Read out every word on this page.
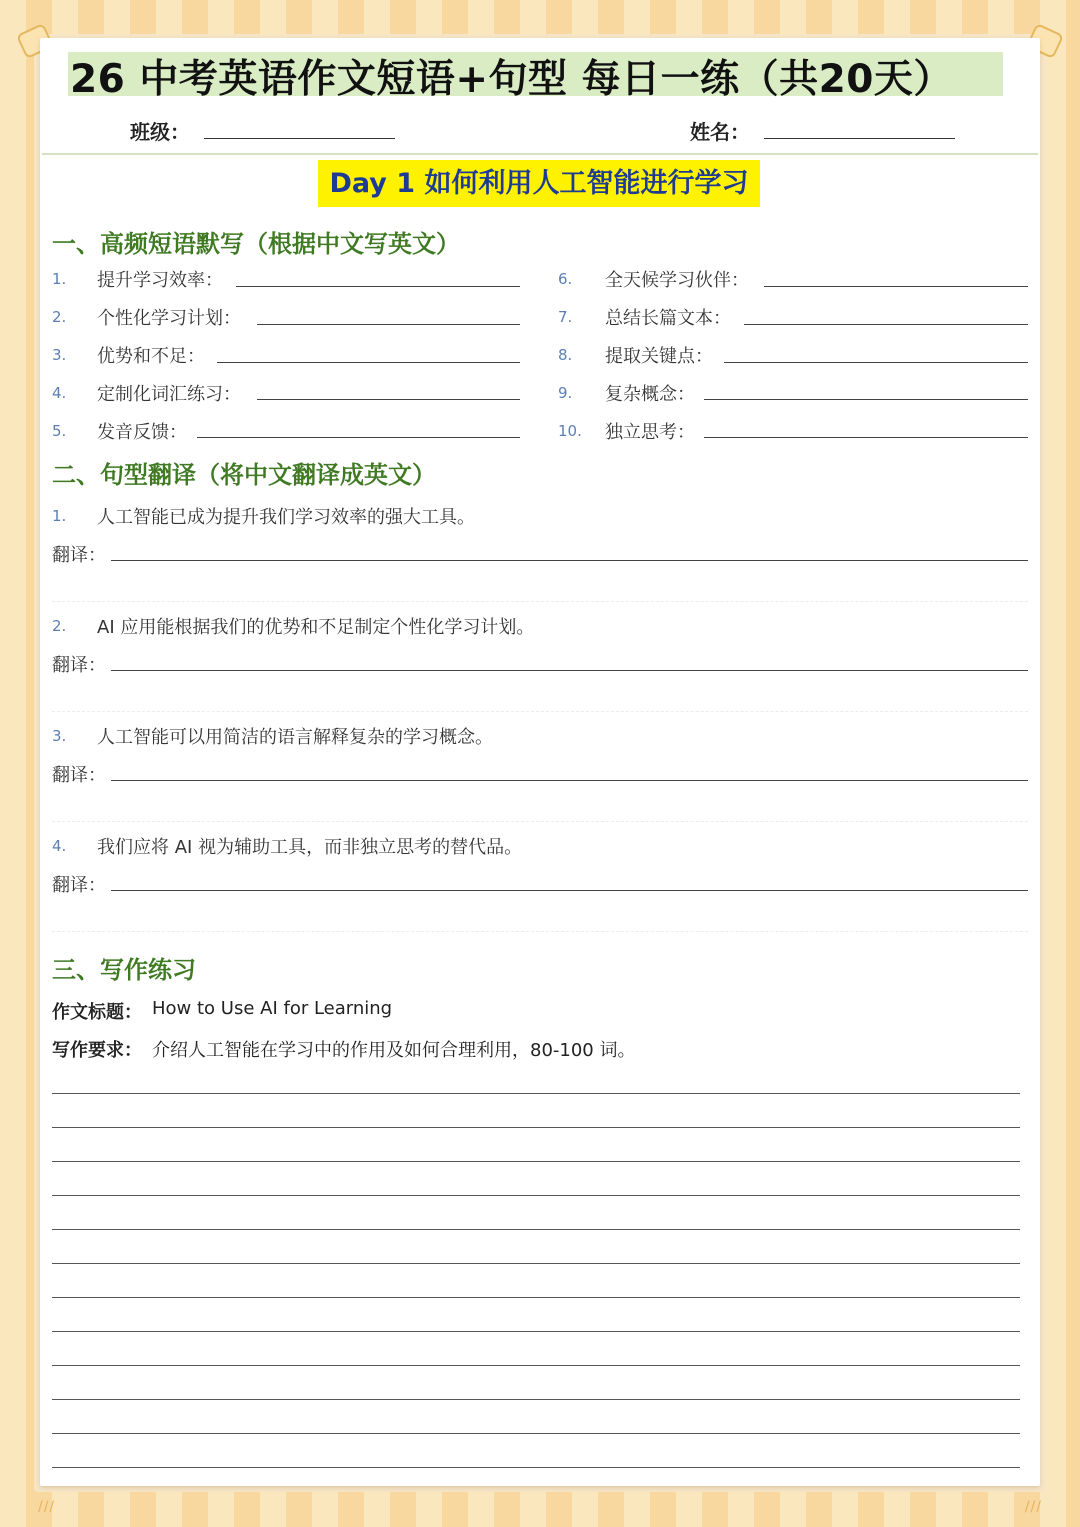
26 中考英语作文短语+句型 每日一练（共20天）
班级：	姓名：
Day 1 如何利用人工智能进行学习
一、高频短语默写（根据中文写英文）
1. 提升学习效率：
2. 个性化学习计划：
3. 优势和不足：
4. 定制化词汇练习：
5. 发音反馈：
6. 全天候学习伙伴：
7. 总结长篇文本：
8. 提取关键点：
9. 复杂概念：
10. 独立思考：
二、句型翻译（将中文翻译成英文）
1. 人工智能已成为提升我们学习效率的强大工具。
翻译：
2. AI 应用能根据我们的优势和不足制定个性化学习计划。
翻译：
3. 人工智能可以用简洁的语言解释复杂的学习概念。
翻译：
4. 我们应将 AI 视为辅助工具，而非独立思考的替代品。
翻译：
三、写作练习
作文标题： How to Use AI for Learning
写作要求： 介绍人工智能在学习中的作用及如何合理利用，80-100 词。
///	///
